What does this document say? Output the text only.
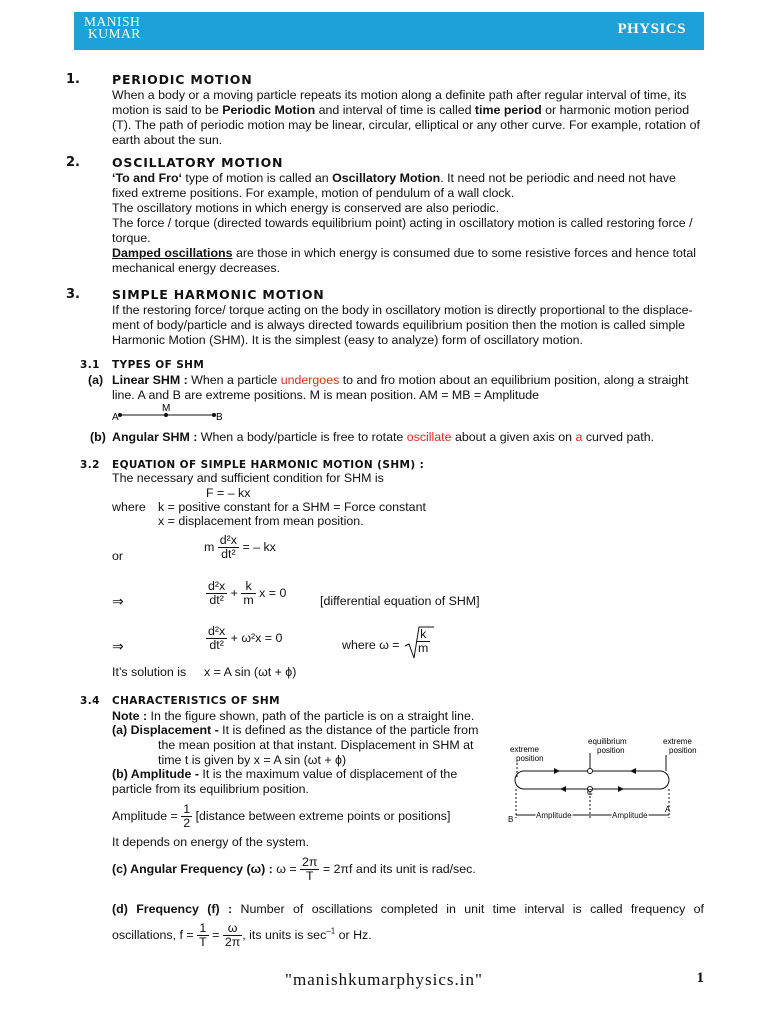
MANISH
KUMAR	PHYSICS
1.	PERIODIC MOTION
When a body or a moving particle repeats its motion along a definite path after regular interval of time, its motion is said to be Periodic Motion and interval of time is called time period or harmonic motion period (T). The path of periodic motion may be linear, circular, elliptical or any other curve. For example, rotation of earth about the sun.
2.	OSCILLATORY MOTION
‘To and Fro‘ type of motion is called an Oscillatory Motion. It need not be periodic and need not have fixed extreme positions. For example, motion of pendulum of a wall clock.
The oscillatory motions in which energy is conserved are also periodic.
The force / torque (directed towards equilibrium point) acting in oscillatory motion is called restoring force / torque.
Damped oscillations are those in which energy is consumed due to some resistive forces and hence total mechanical energy decreases.
3.	SIMPLE HARMONIC MOTION
If the restoring force/ torque acting on the body in oscillatory motion is directly proportional to the displace-ment of body/particle and is always directed towards equilibrium position then the motion is called simple Harmonic Motion (SHM). It is the simplest (easy to analyze) form of oscillatory motion.
3.1 TYPES OF SHM
(a) Linear SHM : When a particle undergoes to and fro motion about an equilibrium position, along a straight line. A and B are extreme positions. M is mean position. AM = MB = Amplitude
A
M
B
(b) Angular SHM : When a body/particle is free to rotate oscillate about a given axis on a curved path.
3.2 EQUATION OF SIMPLE HARMONIC MOTION (SHM) :
The necessary and sufficient condition for SHM is
F = – kx
where k = positive constant for a SHM = Force constant
x = displacement from mean position.
or
m $\frac{\text{d²x}}{\text{dt²}}$ = – kx
⇒	$\frac{\text{d²x}}{\text{dt²}} + \frac{k}{m}$ x = 0
[differential equation of SHM]
⇒	$\frac{\text{d²x}}{\text{dt²}} + \omega^2x = 0$
where $\omega = \frac{k}{m}$
It’s solution is x = A sin (ωt + ϕ)
3.4 CHARACTERISTICS OF SHM
Note : In the figure shown, path of the particle is on a straight line.
(a) Displacement - It is defined as the distance of the particle from
the mean position at that instant. Displacement in SHM at
time t is given by x = A sin (ωt + ϕ)
(b) Amplitude - It is the maximum value of displacement of the
particle from its equilibrium position.
Amplitude = $\frac{1}{2}$ [distance between extreme points or positions]
It depends on energy of the system.
(c) Angular Frequency (ω) : $\omega = \frac{2\pi}{T} = 2\pi f$ and its unit is rad/sec.
(d) Frequency (f) : Number of oscillations completed in unit time interval is called frequency of
oscillations, $f = \frac{1}{T} = \frac{\omega}{2\pi}$ , its units is $\sec^{-1}$ or Hz.
extreme
position
equilibrium
position
extreme
position
B
C
A
Amplitude	Amplitude
"manishkumarphysics.in"	1
